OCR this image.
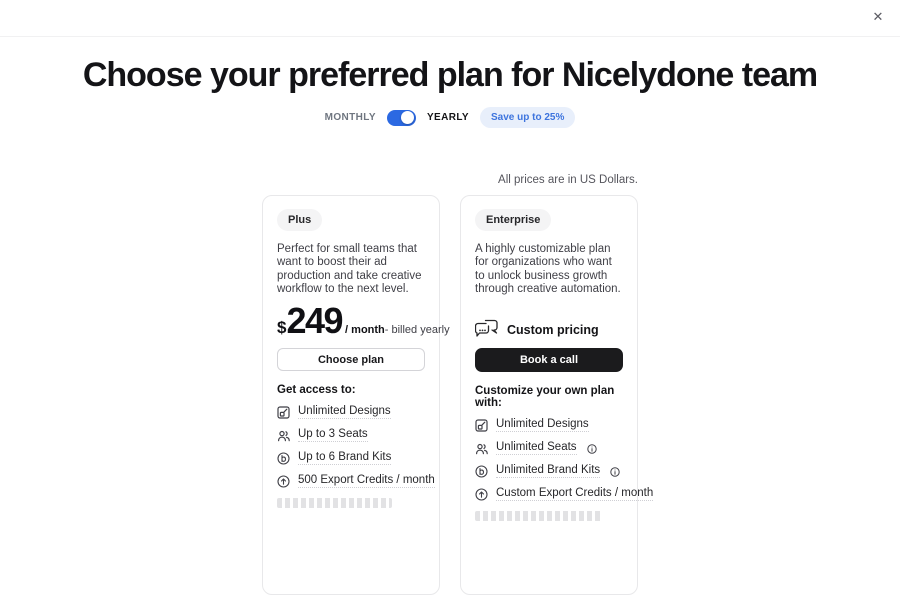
✕
Choose your preferred plan for Nicelydone team
MONTHLY	YEARLY	Save up to 25%
All prices are in US Dollars.
Plus

Perfect for small teams that want to boost their ad production and take creative workflow to the next level.

$ 249 / month - billed yearly
Choose plan
Get access to:
Unlimited Designs
Up to 3 Seats
Up to 6 Brand Kits
500 Export Credits / month
Enterprise

A highly customizable plan for organizations who want to unlock business growth through creative automation.

Custom pricing
Book a call
Customize your own plan with:
Unlimited Designs
Unlimited Seats
Unlimited Brand Kits
Custom Export Credits / month
